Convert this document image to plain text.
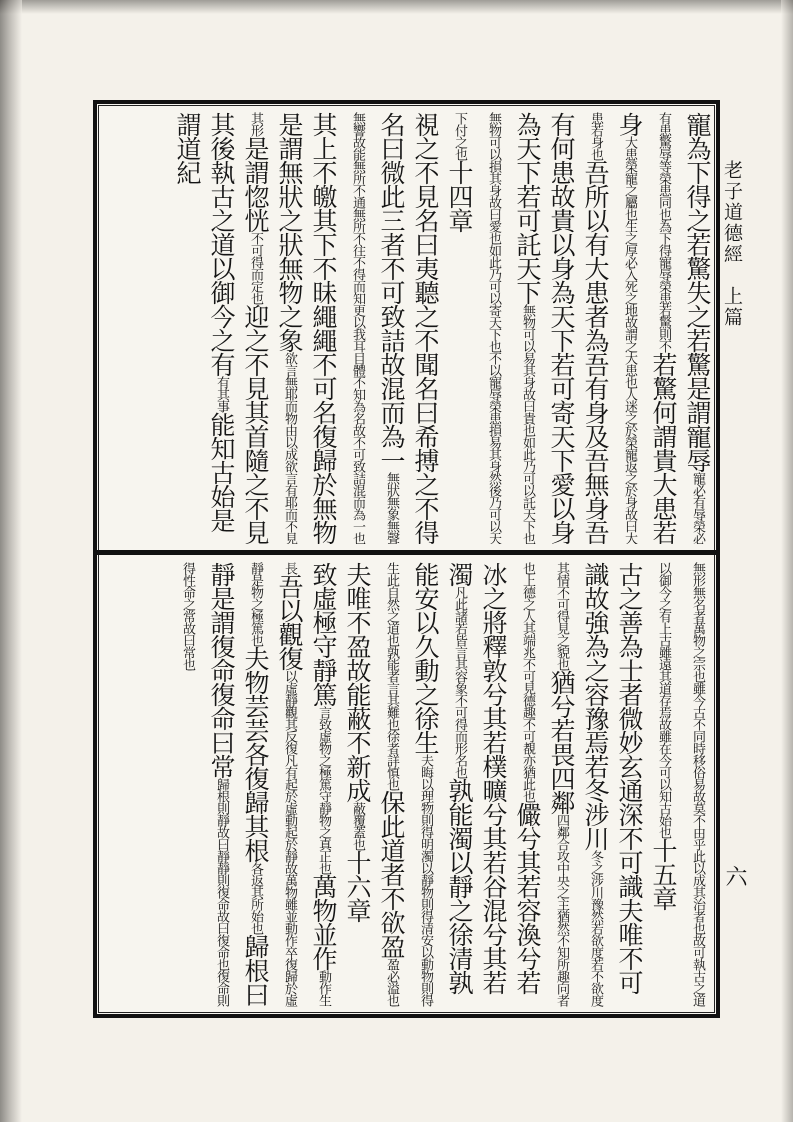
老子道德經　上篇
寵為下得之若驚失之若驚是謂寵辱寵必有辱榮必有患驚辱等榮患同也為下得寵辱榮患若驚則不若驚何謂貴大患若身大患榮寵之屬也生之厚必入死之地故謂之大患也人迷之於榮寵返之於身故曰大患若身也吾所以有大患者為吾有身及吾無身吾有何患故貴以身為天下若可寄天下愛以身為天下若可託天下無物可以易其身故曰貴也如此乃可以託天下也無物可以損其身故曰愛也如此乃可以寄天下也不以寵辱榮患損易其身然後乃可以天下付之也十四章
視之不見名曰夷聽之不聞名曰希搏之不得名曰微此三者不可致詰故混而為一無狀無象無聲無響故能無所不通無所不往不得而知更以我耳目體不知為名故不可致詰混而為一也其上不皦其下不昧繩繩不可名復歸於無物是謂無狀之狀無物之象欲言無耶而物由以成欲言有耶而不見其形是謂惚恍不可得而定也迎之不見其首隨之不見其後執古之道以御今之有有其事能知古始是謂道紀
無形無名者萬物之宗也雖今古不同時移俗易故莫不由乎此以成其治者也故可執古之道以御今之有上古雖遠其道存焉故雖在今可以知古始也十五章
古之善為士者微妙玄通深不可識夫唯不可識故強為之容豫焉若冬涉川冬之涉川豫然若欲度若不欲度其情不可得見之貌也猶兮若畏四鄰四鄰合攻中央之主猶然不知所趣向者也上德之人其端兆不可見德趣不可覩亦猶此也儼兮其若容渙兮若冰之將釋敦兮其若樸曠兮其若谷混兮其若濁凡此諸若皆言其容象不可得而形名也孰能濁以靜之徐清孰能安以久動之徐生夫晦以理物則得明濁以靜物則得清安以動物則得生此自然之道也孰能者言其難也徐者詳慎也保此道者不欲盈盈必溢也夫唯不盈故能蔽不新成蔽覆蓋也十六章
致虛極守靜篤言致虛物之極篤守靜物之真正也萬物並作動作生長吾以觀復以虛靜觀其反復凡有起於虛動起於靜故萬物雖並動作卒復歸於虛靜是物之極篤也夫物芸芸各復歸其根各返其所始也歸根曰靜是謂復命復命曰常歸根則靜故曰靜靜則復命故曰復命也復命則得性命之常故曰常也
六
